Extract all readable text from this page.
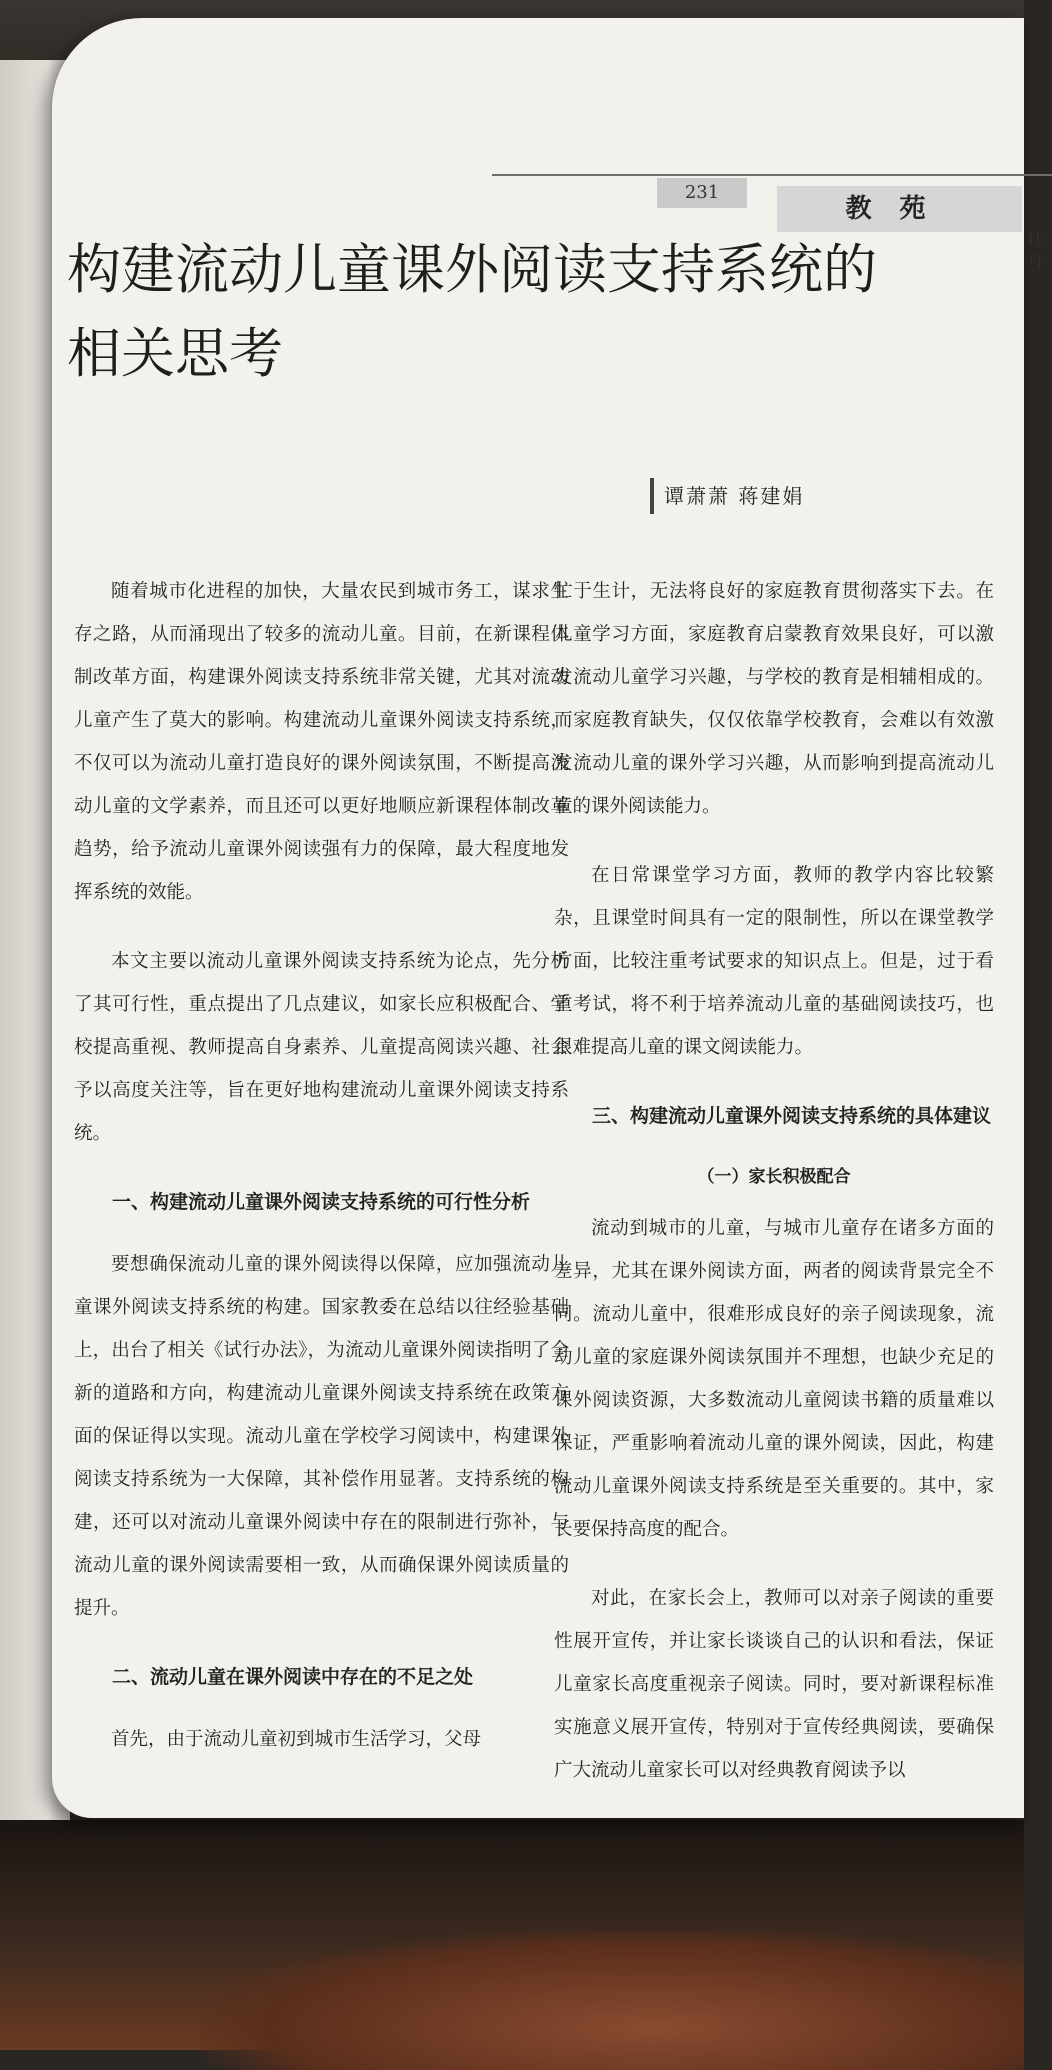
231
教苑
牡丹
构建流动儿童课外阅读支持系统的相关思考
谭萧萧 蒋建娟

随着城市化进程的加快，大量农民到城市务工，谋求生存之路，从而涌现出了较多的流动儿童。目前，在新课程体制改革方面，构建课外阅读支持系统非常关键，尤其对流动儿童产生了莫大的影响。构建流动儿童课外阅读支持系统，不仅可以为流动儿童打造良好的课外阅读氛围，不断提高流动儿童的文学素养，而且还可以更好地顺应新课程体制改革趋势，给予流动儿童课外阅读强有力的保障，最大程度地发挥系统的效能。

本文主要以流动儿童课外阅读支持系统为论点，先分析了其可行性，重点提出了几点建议，如家长应积极配合、学校提高重视、教师提高自身素养、儿童提高阅读兴趣、社会予以高度关注等，旨在更好地构建流动儿童课外阅读支持系统。

一、构建流动儿童课外阅读支持系统的可行性分析

要想确保流动儿童的课外阅读得以保障，应加强流动儿童课外阅读支持系统的构建。国家教委在总结以往经验基础上，出台了相关《试行办法》，为流动儿童课外阅读指明了全新的道路和方向，构建流动儿童课外阅读支持系统在政策方面的保证得以实现。流动儿童在学校学习阅读中，构建课外阅读支持系统为一大保障，其补偿作用显著。支持系统的构建，还可以对流动儿童课外阅读中存在的限制进行弥补，与流动儿童的课外阅读需要相一致，从而确保课外阅读质量的提升。

二、流动儿童在课外阅读中存在的不足之处

首先，由于流动儿童初到城市生活学习，父母

忙于生计，无法将良好的家庭教育贯彻落实下去。在儿童学习方面，家庭教育启蒙教育效果良好，可以激发流动儿童学习兴趣，与学校的教育是相辅相成的。而家庭教育缺失，仅仅依靠学校教育，会难以有效激发流动儿童的课外学习兴趣，从而影响到提高流动儿童的课外阅读能力。

在日常课堂学习方面，教师的教学内容比较繁杂，且课堂时间具有一定的限制性，所以在课堂教学方面，比较注重考试要求的知识点上。但是，过于看重考试，将不利于培养流动儿童的基础阅读技巧，也很难提高儿童的课文阅读能力。

三、构建流动儿童课外阅读支持系统的具体建议
（一）家长积极配合

流动到城市的儿童，与城市儿童存在诸多方面的差异，尤其在课外阅读方面，两者的阅读背景完全不同。流动儿童中，很难形成良好的亲子阅读现象，流动儿童的家庭课外阅读氛围并不理想，也缺少充足的课外阅读资源，大多数流动儿童阅读书籍的质量难以保证，严重影响着流动儿童的课外阅读，因此，构建流动儿童课外阅读支持系统是至关重要的。其中，家长要保持高度的配合。

对此，在家长会上，教师可以对亲子阅读的重要性展开宣传，并让家长谈谈自己的认识和看法，保证儿童家长高度重视亲子阅读。同时，要对新课程标准实施意义展开宣传，特别对于宣传经典阅读，要确保广大流动儿童家长可以对经典教育阅读予以
